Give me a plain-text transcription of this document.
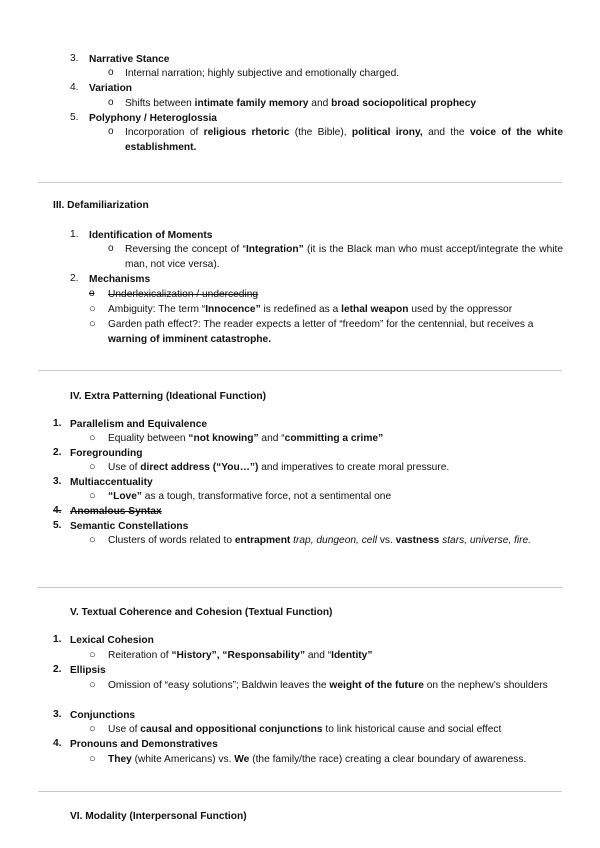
3. Narrative Stance
o Internal narration; highly subjective and emotionally charged.
4. Variation
o Shifts between intimate family memory and broad sociopolitical prophecy
5. Polyphony / Heteroglossia
o Incorporation of religious rhetoric (the Bible), political irony, and the voice of the white establishment.
III. Defamiliarization
1. Identification of Moments
o Reversing the concept of “Integration” (it is the Black man who must accept/integrate the white man, not vice versa).
2. Mechanisms
o Underlexicalization / underceding
○ Ambiguity: The term “Innocence” is redefined as a lethal weapon used by the oppressor
○ Garden path effect?: The reader expects a letter of “freedom” for the centennial, but receives a warning of imminent catastrophe.
IV. Extra Patterning (Ideational Function)
1. Parallelism and Equivalence
○ Equality between “not knowing” and “committing a crime”
2. Foregrounding
○ Use of direct address (“You…”) and imperatives to create moral pressure.
3. Multiaccentuality
○ “Love” as a tough, transformative force, not a sentimental one
4. Anomalous Syntax
5. Semantic Constellations
○ Clusters of words related to entrapment trap, dungeon, cell vs. vastness stars, universe, fire.
V. Textual Coherence and Cohesion (Textual Function)
1. Lexical Cohesion
○ Reiteration of “History”, “Responsability” and “Identity”
2. Ellipsis
○ Omission of “easy solutions”; Baldwin leaves the weight of the future on the nephew’s shoulders
3. Conjunctions
○ Use of causal and oppositional conjunctions to link historical cause and social effect
4. Pronouns and Demonstratives
○ They (white Americans) vs. We (the family/the race) creating a clear boundary of awareness.
VI. Modality (Interpersonal Function)
